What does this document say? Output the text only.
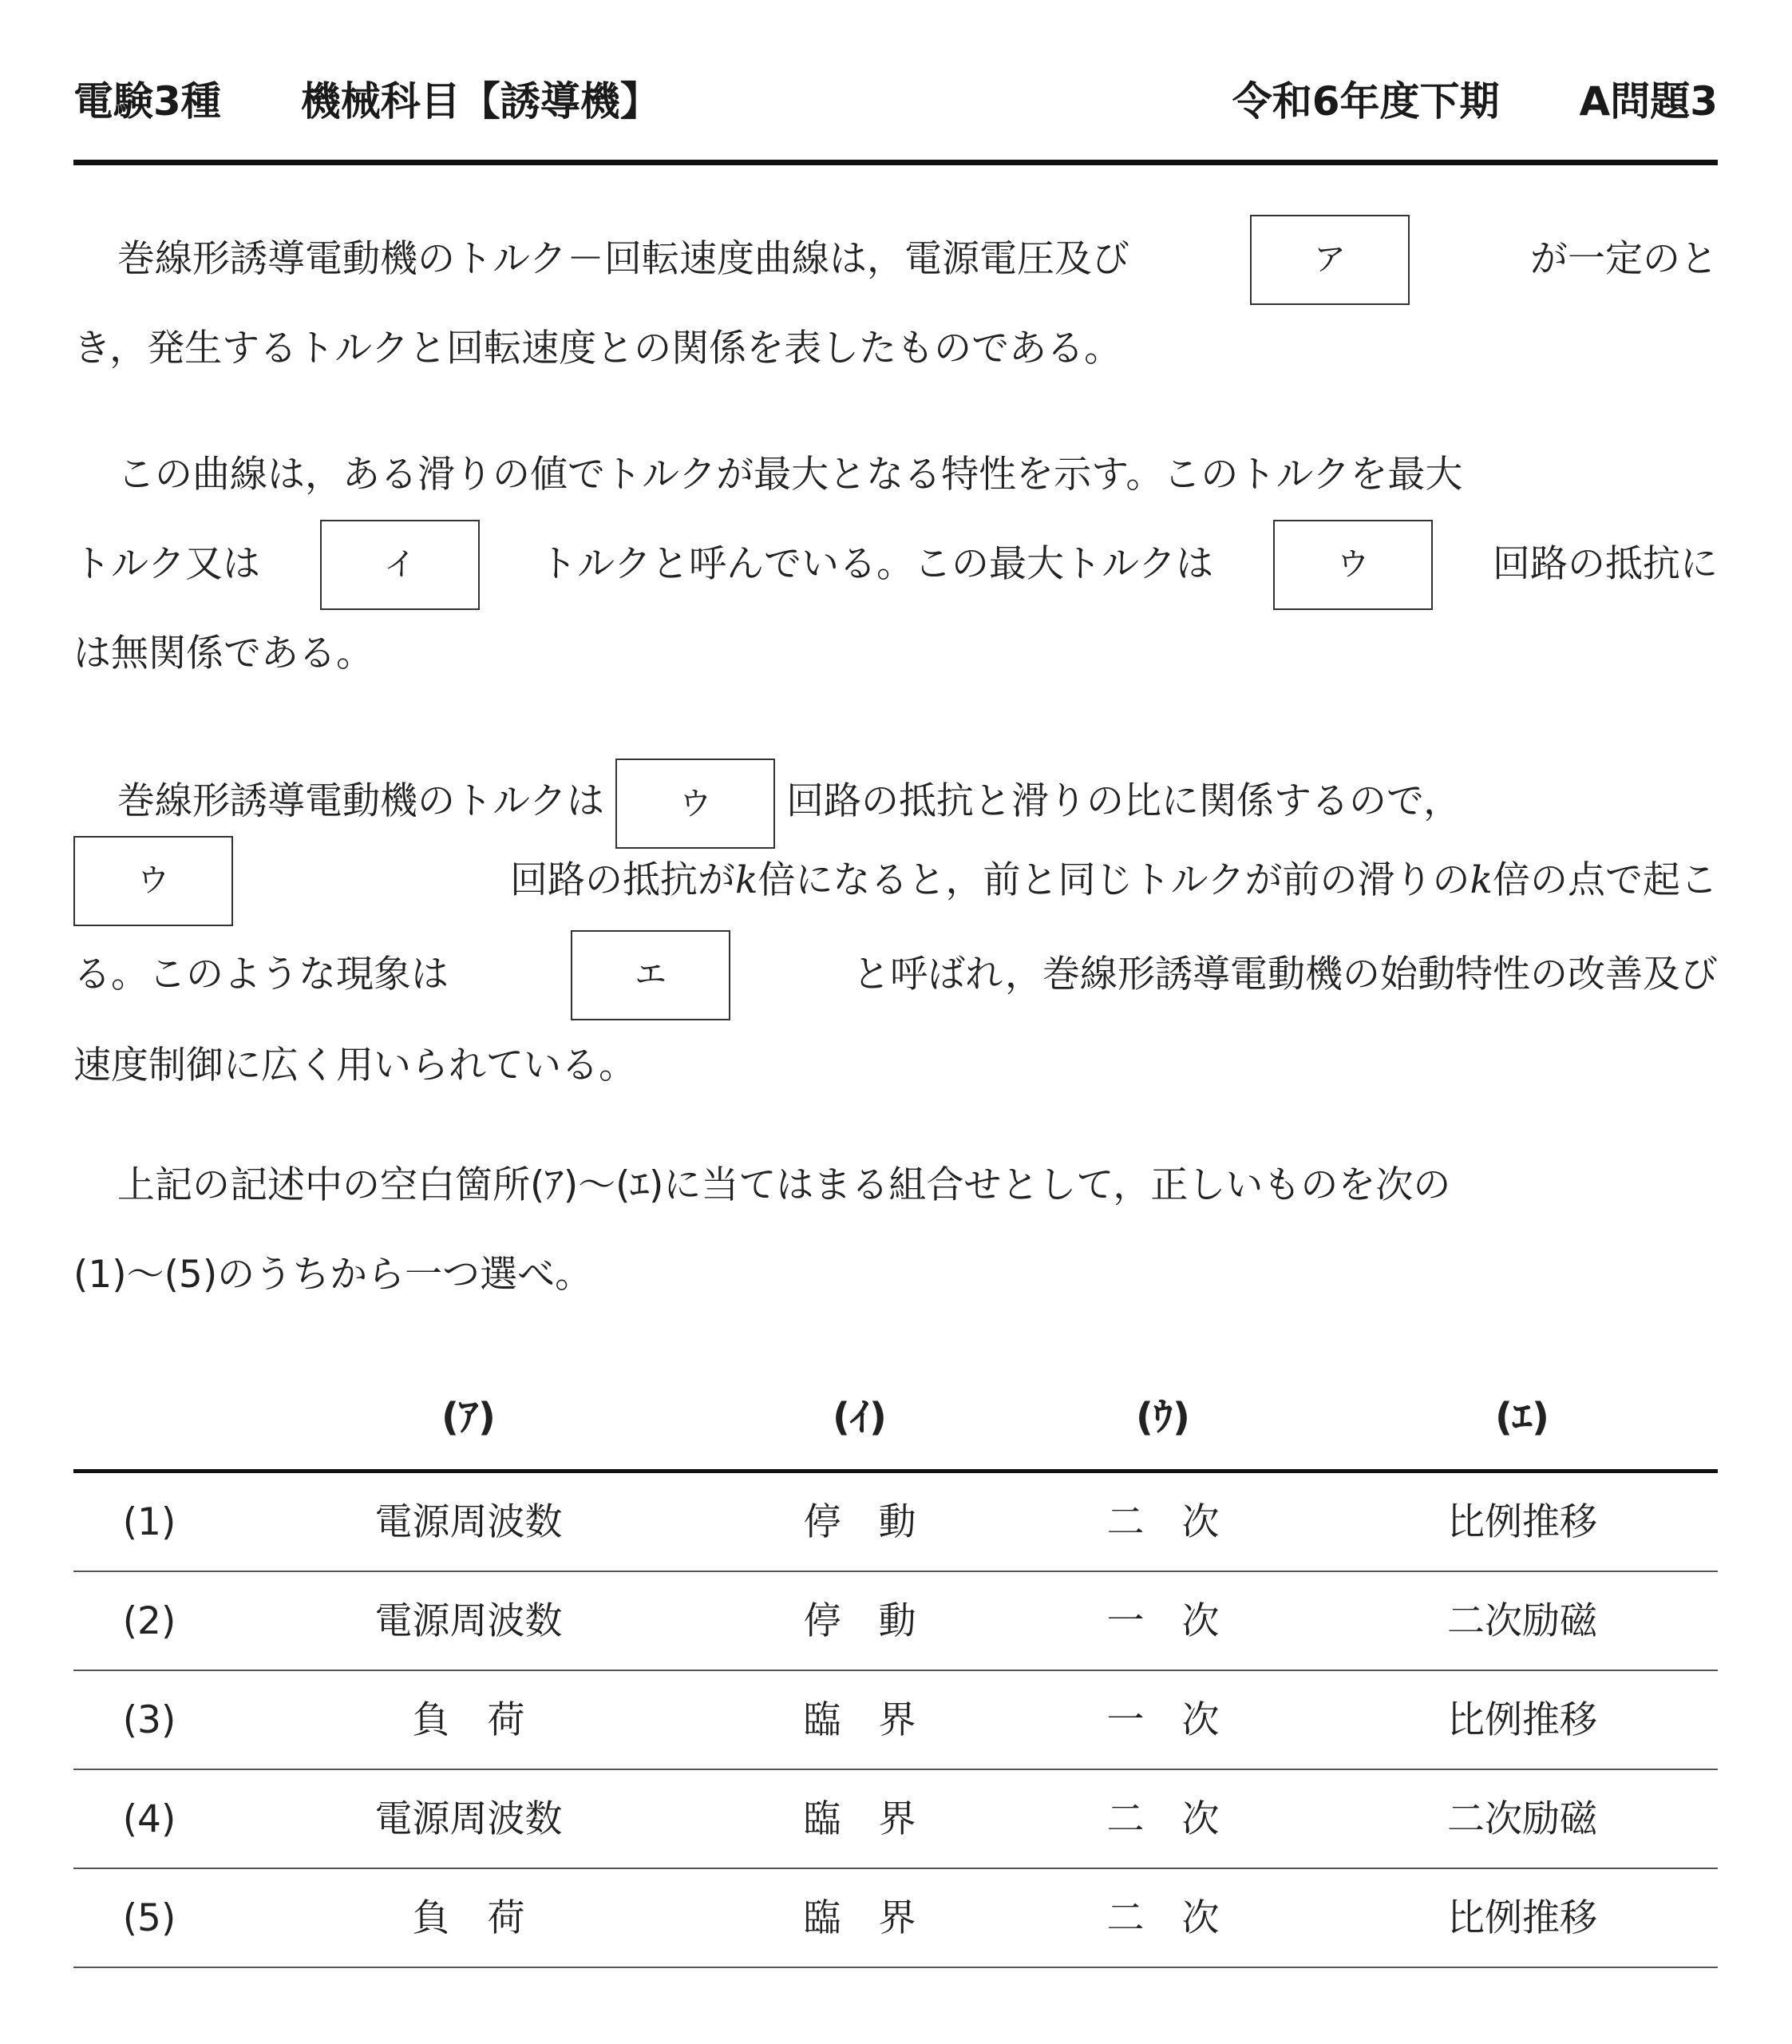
電験3種　　 機械科目【誘導機】	令和6年度下期　　 A問題3
巻線形誘導電動機のトルク－回転速度曲線は，電源電圧及び	ア	が一定のと
き，発生するトルクと回転速度との関係を表したものである。
この曲線は，ある滑りの値でトルクが最大となる特性を示す。このトルクを最大
トルク又は	イ	トルクと呼んでいる。この最大トルクは	ウ	回路の抵抗に
は無関係である。
巻線形誘導電動機のトルクは ウ 回路の抵抗と滑りの比に関係するので，
ウ	回路の抵抗がk倍になると，前と同じトルクが前の滑りのk倍の点で起こ
る。このような現象は	エ	と呼ばれ，巻線形誘導電動機の始動特性の改善及び
速度制御に広く用いられている。
上記の記述中の空白箇所(ｱ)～(ｴ)に当てはまる組合せとして，正しいものを次の
(1)～(5)のうちから一つ選べ。
(ｱ)	(ｲ)	(ｳ)	(ｴ)
(1)	電源周波数	停　動	二　次	比例推移
(2)	電源周波数	停　動	一　次	二次励磁
(3)	負　荷	臨　界	一　次	比例推移
(4)	電源周波数	臨　界	二　次	二次励磁
(5)	負　荷	臨　界	二　次	比例推移
